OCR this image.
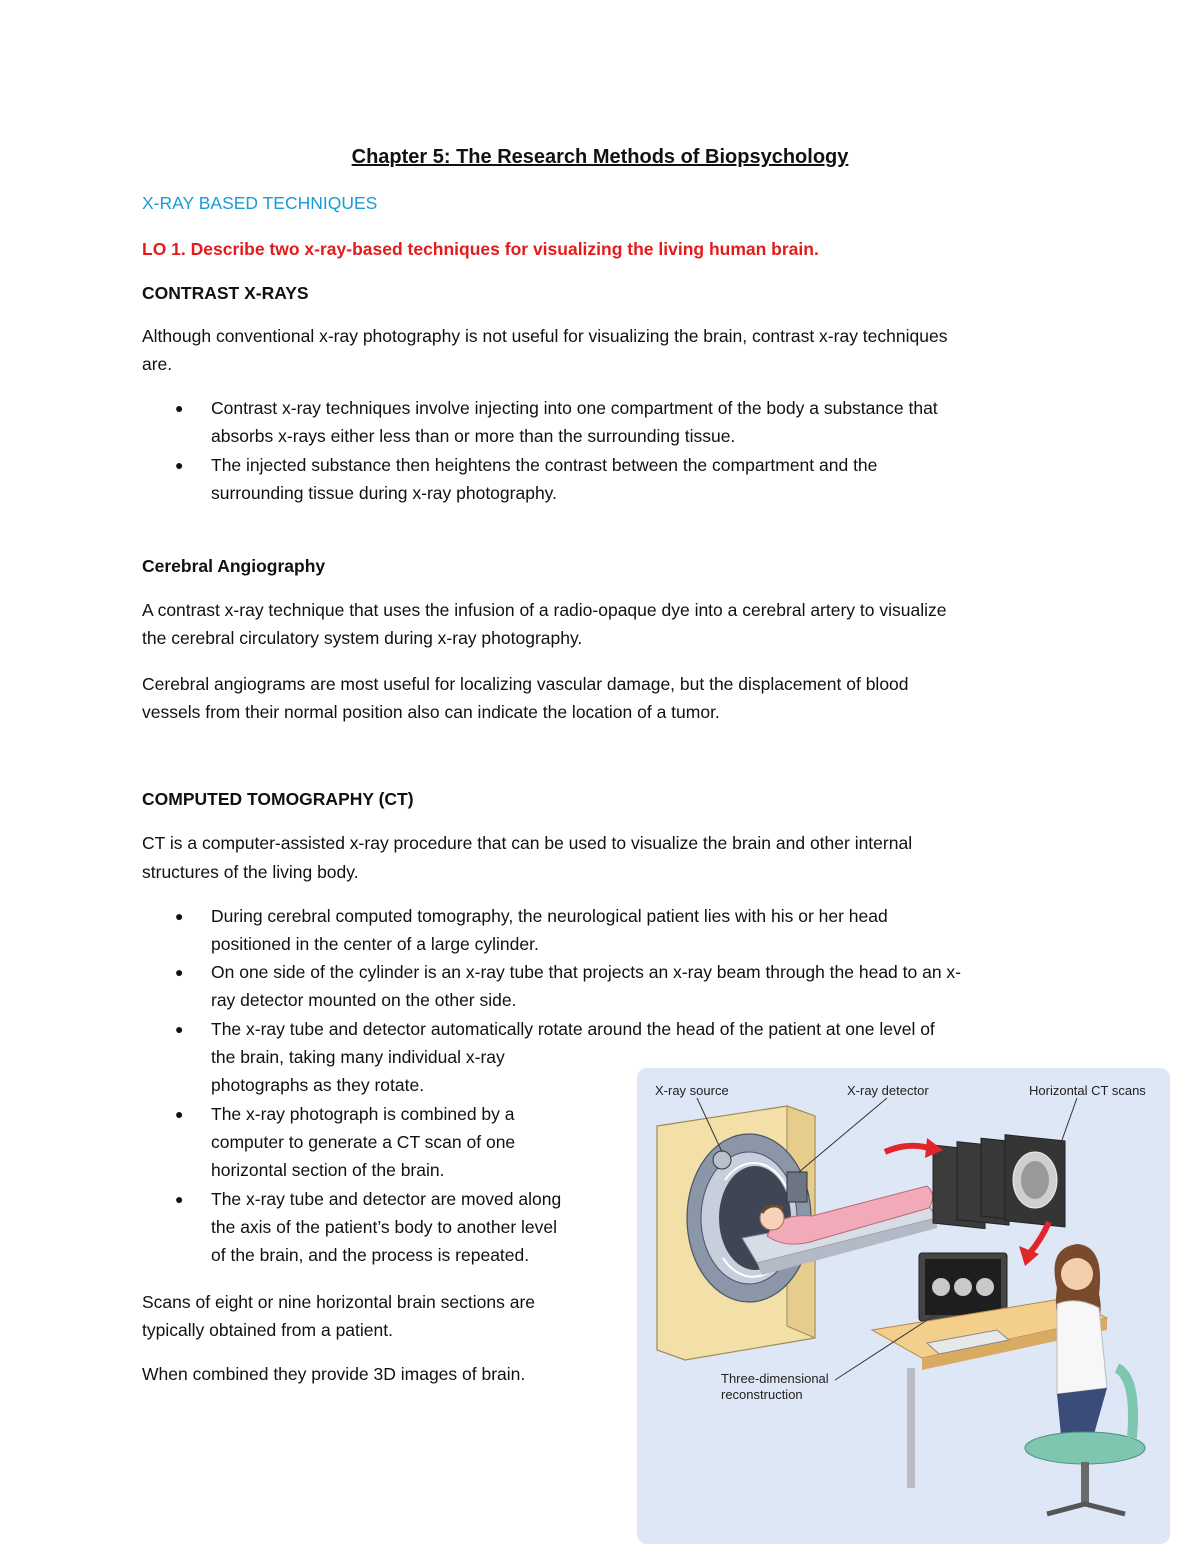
Chapter 5: The Research Methods of Biopsychology

X-RAY BASED TECHNIQUES

LO 1. Describe two x-ray-based techniques for visualizing the living human brain.

CONTRAST X-RAYS

Although conventional x-ray photography is not useful for visualizing the brain, contrast x-ray techniques

are.

● Contrast x-ray techniques involve injecting into one compartment of the body a substance that

absorbs x-rays either less than or more than the surrounding tissue.

● The injected substance then heightens the contrast between the compartment and the

surrounding tissue during x-ray photography.

Cerebral Angiography

A contrast x-ray technique that uses the infusion of a radio-opaque dye into a cerebral artery to visualize

the cerebral circulatory system during x-ray photography.

Cerebral angiograms are most useful for localizing vascular damage, but the displacement of blood

vessels from their normal position also can indicate the location of a tumor.

COMPUTED TOMOGRAPHY (CT)

CT is a computer-assisted x-ray procedure that can be used to visualize the brain and other internal

structures of the living body.

● During cerebral computed tomography, the neurological patient lies with his or her head

positioned in the center of a large cylinder.

● On one side of the cylinder is an x-ray tube that projects an x-ray beam through the head to an x-

ray detector mounted on the other side.

● The x-ray tube and detector automatically rotate around the head of the patient at one level of

the brain, taking many individual x-ray

photographs as they rotate.

● The x-ray photograph is combined by a

computer to generate a CT scan of one

horizontal section of the brain.

● The x-ray tube and detector are moved along

the axis of the patient’s body to another level

of the brain, and the process is repeated.

Scans of eight or nine horizontal brain sections are

typically obtained from a patient.

When combined they provide 3D images of brain.

X-ray source	X-ray detector	Horizontal CT scans
Three-dimensional
reconstruction
